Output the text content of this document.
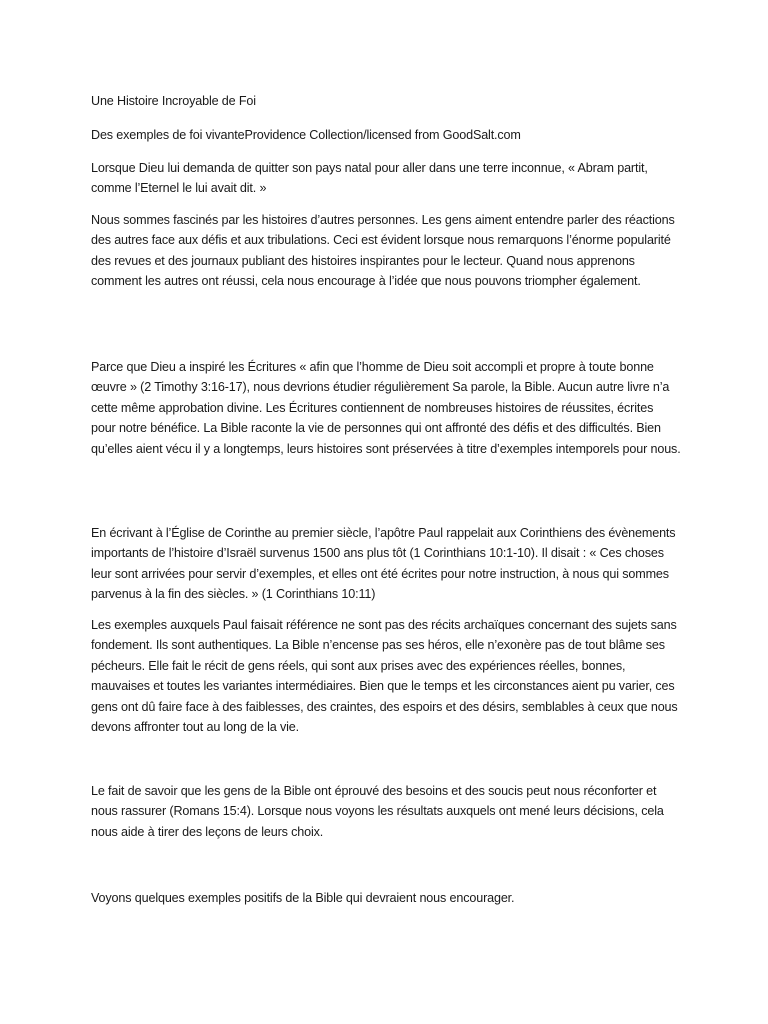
Une Histoire Incroyable de Foi

Des exemples de foi vivanteProvidence Collection/licensed from GoodSalt.com

Lorsque Dieu lui demanda de quitter son pays natal pour aller dans une terre inconnue, « Abram partit, comme l’Eternel le lui avait dit. »

Nous sommes fascinés par les histoires d’autres personnes. Les gens aiment entendre parler des réactions des autres face aux défis et aux tribulations. Ceci est évident lorsque nous remarquons l’énorme popularité des revues et des journaux publiant des histoires inspirantes pour le lecteur. Quand nous apprenons comment les autres ont réussi, cela nous encourage à l’idée que nous pouvons triompher également.

Parce que Dieu a inspiré les Écritures « afin que l’homme de Dieu soit accompli et propre à toute bonne œuvre » (2 Timothy 3:16-17), nous devrions étudier régulièrement Sa parole, la Bible. Aucun autre livre n’a cette même approbation divine. Les Écritures contiennent de nombreuses histoires de réussites, écrites pour notre bénéfice. La Bible raconte la vie de personnes qui ont affronté des défis et des difficultés. Bien qu’elles aient vécu il y a longtemps, leurs histoires sont préservées à titre d’exemples intemporels pour nous.

En écrivant à l’Église de Corinthe au premier siècle, l’apôtre Paul rappelait aux Corinthiens des évènements importants de l’histoire d’Israël survenus 1500 ans plus tôt (1 Corinthians 10:1-10). Il disait : « Ces choses leur sont arrivées pour servir d’exemples, et elles ont été écrites pour notre instruction, à nous qui sommes parvenus à la fin des siècles. » (1 Corinthians 10:11)

Les exemples auxquels Paul faisait référence ne sont pas des récits archaïques concernant des sujets sans fondement. Ils sont authentiques. La Bible n’encense pas ses héros, elle n’exonère pas de tout blâme ses pécheurs. Elle fait le récit de gens réels, qui sont aux prises avec des expériences réelles, bonnes, mauvaises et toutes les variantes intermédiaires. Bien que le temps et les circonstances aient pu varier, ces gens ont dû faire face à des faiblesses, des craintes, des espoirs et des désirs, semblables à ceux que nous devons affronter tout au long de la vie.

Le fait de savoir que les gens de la Bible ont éprouvé des besoins et des soucis peut nous réconforter et nous rassurer (Romans 15:4). Lorsque nous voyons les résultats auxquels ont mené leurs décisions, cela nous aide à tirer des leçons de leurs choix.

Voyons quelques exemples positifs de la Bible qui devraient nous encourager.
